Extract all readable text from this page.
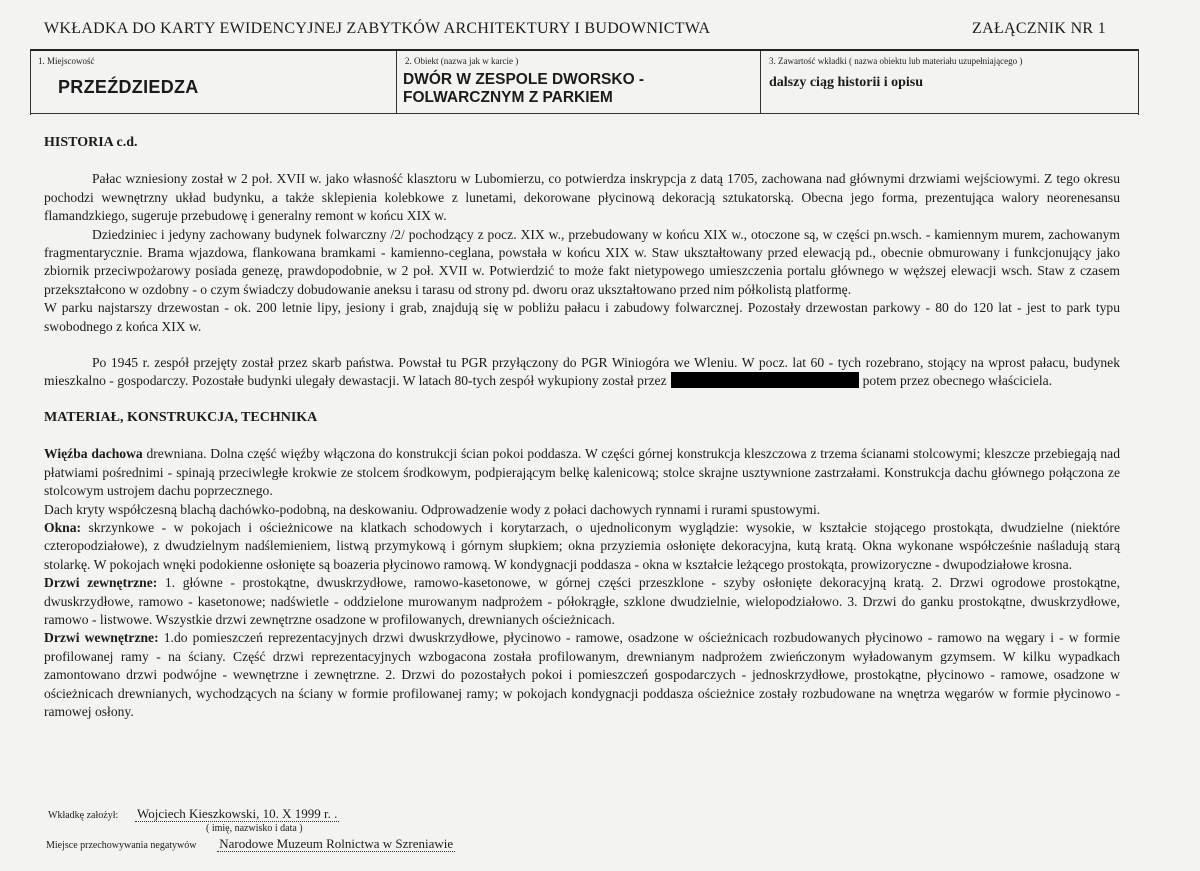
WKŁADKA DO KARTY EWIDENCYJNEJ ZABYTKÓW ARCHITEKTURY I BUDOWNICTWA	ZAŁĄCZNIK NR 1
1. Miejscowość
PRZEŹDZIEDZA
2. Obiekt (nazwa jak w karcie )
DWÓR W ZESPOLE DWORSKO -
FOLWARCZNYM Z PARKIEM
3. Zawartość wkładki ( nazwa obiektu lub materiału uzupełniającego )
dalszy ciąg historii i opisu
HISTORIA c.d.

Pałac wzniesiony został w 2 poł. XVII w. jako własność klasztoru w Lubomierzu, co potwierdza inskrypcja z datą 1705, zachowana nad głównymi drzwiami wejściowymi. Z tego okresu pochodzi wewnętrzny układ budynku, a także sklepienia kolebkowe z lunetami, dekorowane płycinową dekoracją sztukatorską. Obecna jego forma, prezentująca walory neorenesansu flamandzkiego, sugeruje przebudowę i generalny remont w końcu XIX w.

Dziedziniec i jedyny zachowany budynek folwarczny /2/ pochodzący z pocz. XIX w., przebudowany w końcu XIX w., otoczone są, w części pn.wsch. - kamiennym murem, zachowanym fragmentarycznie. Brama wjazdowa, flankowana bramkami - kamienno-ceglana, powstała w końcu XIX w. Staw ukształtowany przed elewacją pd., obecnie obmurowany i funkcjonujący jako zbiornik przeciwpożarowy posiada genezę, prawdopodobnie, w 2 poł. XVII w. Potwierdzić to może fakt nietypowego umieszczenia portalu głównego w węższej elewacji wsch. Staw z czasem przekształcono w ozdobny - o czym świadczy dobudowanie aneksu i tarasu od strony pd. dworu oraz ukształtowano przed nim półkolistą platformę.

W parku najstarszy drzewostan - ok. 200 letnie lipy, jesiony i grab, znajdują się w pobliżu pałacu i zabudowy folwarcznej. Pozostały drzewostan parkowy - 80 do 120 lat - jest to park typu swobodnego z końca XIX w.

Po 1945 r. zespół przejęty został przez skarb państwa. Powstał tu PGR przyłączony do PGR Winiogóra we Wleniu. W pocz. lat 60 - tych rozebrano, stojący na wprost pałacu, budynek mieszkalno - gospodarczy. Pozostałe budynki ulegały dewastacji. W latach 80-tych zespół wykupiony został przez	potem przez obecnego właściciela.

MATERIAŁ, KONSTRUKCJA, TECHNIKA

Więźba dachowa drewniana. Dolna część więźby włączona do konstrukcji ścian pokoi poddasza. W części górnej konstrukcja kleszczowa z trzema ścianami stolcowymi; kleszcze przebiegają nad płatwiami pośrednimi - spinają przeciwległe krokwie ze stolcem środkowym, podpierającym belkę kalenicową; stolce skrajne usztywnione zastrzałami. Konstrukcja dachu głównego połączona ze stolcowym ustrojem dachu poprzecznego.

Dach kryty współczesną blachą dachówko-podobną, na deskowaniu. Odprowadzenie wody z połaci dachowych rynnami i rurami spustowymi.

Okna: skrzynkowe - w pokojach i ościeżnicowe na klatkach schodowych i korytarzach, o ujednoliconym wyglądzie: wysokie, w kształcie stojącego prostokąta, dwudzielne (niektóre czteropodziałowe), z dwudzielnym nadślemieniem, listwą przymykową i górnym słupkiem; okna przyziemia osłonięte dekoracyjna, kutą kratą. Okna wykonane współcześnie naśladują starą stolarkę. W pokojach wnęki podokienne osłonięte są boazeria płycinowo ramową. W kondygnacji poddasza - okna w kształcie leżącego prostokąta, prowizoryczne - dwupodziałowe krosna.

Drzwi zewnętrzne: 1. główne - prostokątne, dwuskrzydłowe, ramowo-kasetonowe, w górnej części przeszklone - szyby osłonięte dekoracyjną kratą. 2. Drzwi ogrodowe prostokątne, dwuskrzydłowe, ramowo - kasetonowe; nadświetle - oddzielone murowanym nadprożem - półokrągłe, szklone dwudzielnie, wielopodziałowo. 3. Drzwi do ganku prostokątne, dwuskrzydłowe, ramowo - listwowe. Wszystkie drzwi zewnętrzne osadzone w profilowanych, drewnianych ościeżnicach.

Drzwi wewnętrzne: 1.do pomieszczeń reprezentacyjnych drzwi dwuskrzydłowe, płycinowo - ramowe, osadzone w ościeżnicach rozbudowanych płycinowo - ramowo na węgary i - w formie profilowanej ramy - na ściany. Część drzwi reprezentacyjnych wzbogacona została profilowanym, drewnianym nadprożem zwieńczonym wyładowanym gzymsem. W kilku wypadkach zamontowano drzwi podwójne - wewnętrzne i zewnętrzne. 2. Drzwi do pozostałych pokoi i pomieszczeń gospodarczych - jednoskrzydłowe, prostokątne, płycinowo - ramowe, osadzone w ościeżnicach drewnianych, wychodzących na ściany w formie profilowanej ramy; w pokojach kondygnacji poddasza ościeżnice zostały rozbudowane na wnętrza węgarów w formie płycinowo - ramowej osłony.

Wkładkę założył: Wojciech Kieszkowski, 10. X 1999 r. .
( imię, nazwisko i data )
Miejsce przechowywania negatywów Narodowe Muzeum Rolnictwa w Szreniawie
